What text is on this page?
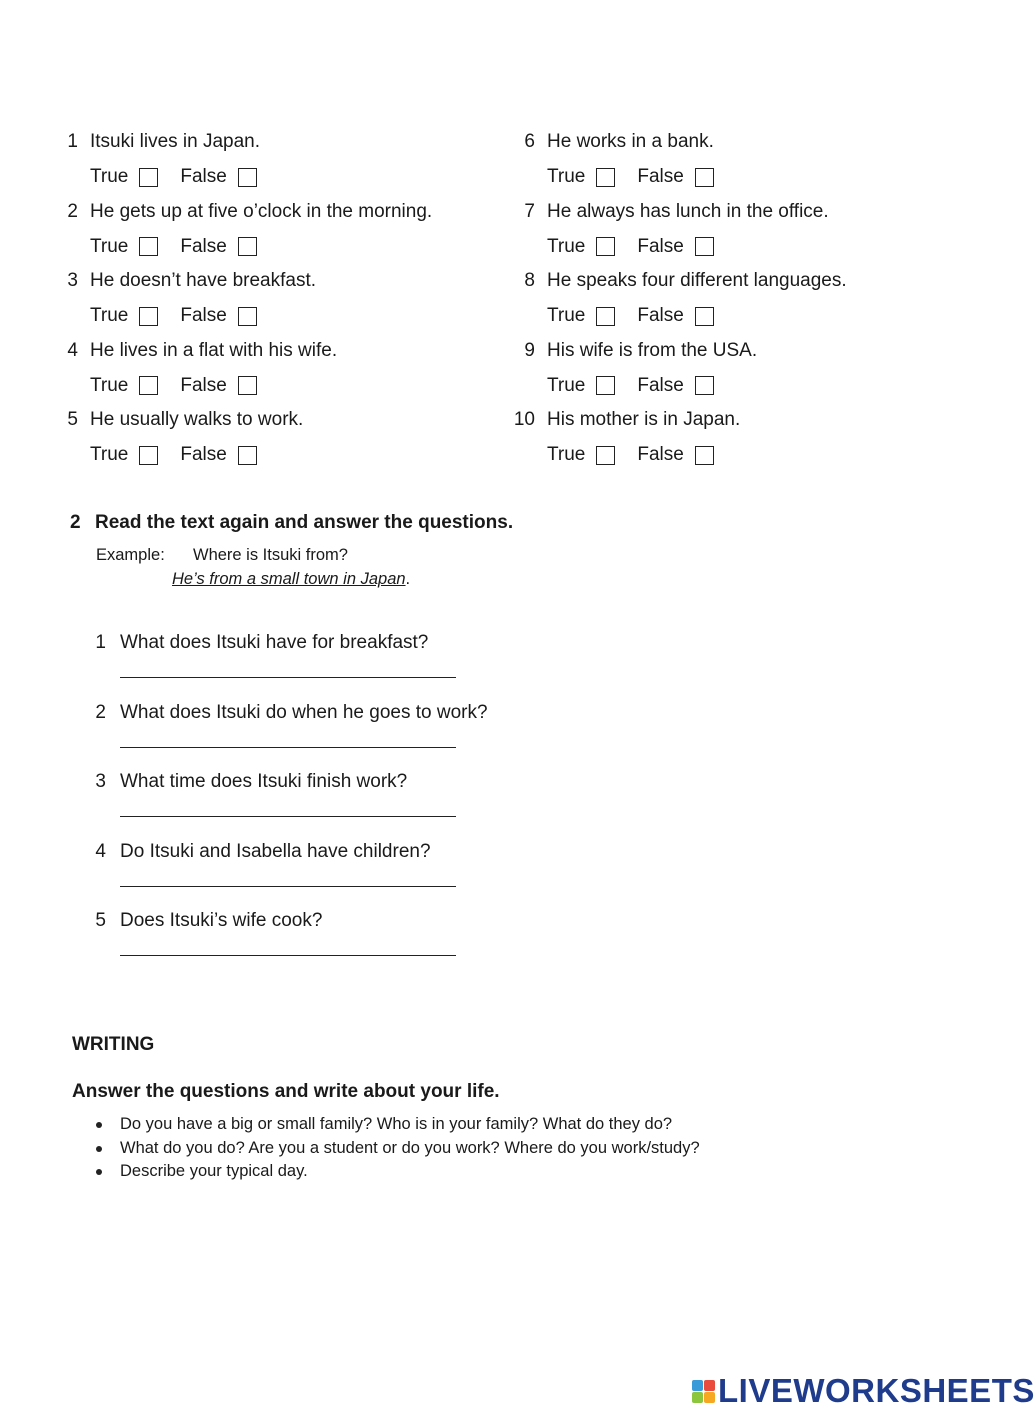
1 Itsuki lives in Japan.
True	False
2 He gets up at five o’clock in the morning.
True	False
3 He doesn’t have breakfast.
True	False
4 He lives in a flat with his wife.
True	False
5 He usually walks to work.
True	False
6 He works in a bank.
True	False
7 He always has lunch in the office.
True	False
8 He speaks four different languages.
True	False
9 His wife is from the USA.
True	False
10 His mother is in Japan.
True	False
2 Read the text again and answer the questions.
Example: Where is Itsuki from?
He’s from a small town in Japan.
1 What does Itsuki have for breakfast?
2 What does Itsuki do when he goes to work?
3 What time does Itsuki finish work?
4 Do Itsuki and Isabella have children?
5 Does Itsuki’s wife cook?
WRITING
Answer the questions and write about your life.
Do you have a big or small family? Who is in your family? What do they do?
What do you do? Are you a student or do you work? Where do you work/study?
Describe your typical day.
LIVEWORKSHEETS
